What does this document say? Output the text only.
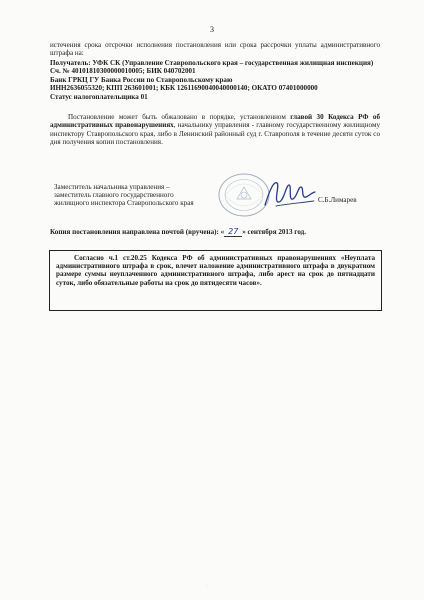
3
истечения срока отсрочки исполнения постановления или срока рассрочки уплаты административного штрафа на:
Получатель: УФК СК (Управление Ставропольского края – государственная жилищная инспекция)
Сч. № 40101810300000010005; БИК 040702001
Банк ГРКЦ ГУ Банка России по Ставропольскому краю
ИНН2636055320; КПП 263601001; КБК 12611690040040000140; ОКАТО 07401000000
Статус налогоплательщика 01
Постановление может быть обжаловано в порядке, установленном главой 30 Кодекса РФ об административных правонарушениях, начальнику управления - главному государственному жилищному инспектору Ставропольского края, либо в Ленинский районный суд г. Ставрополя в течение десяти суток со дня получения копии постановления.
Заместитель начальника управления –
заместитель главного государственного
жилищного инспектора Ставропольского края	С.Б.Лимарев
Копия постановления направлена почтой (вручена): « 27 » сентября 2013 год.
Согласно ч.1 ст.20.25 Кодекса РФ об административных правонарушениях «Неуплата административного штрафа в срок, влечет наложение административного штрафа в двукратном размере суммы неуплаченного административного штрафа, либо арест на срок до пятнадцати суток, либо обязательные работы на срок до пятидесяти часов».
·
